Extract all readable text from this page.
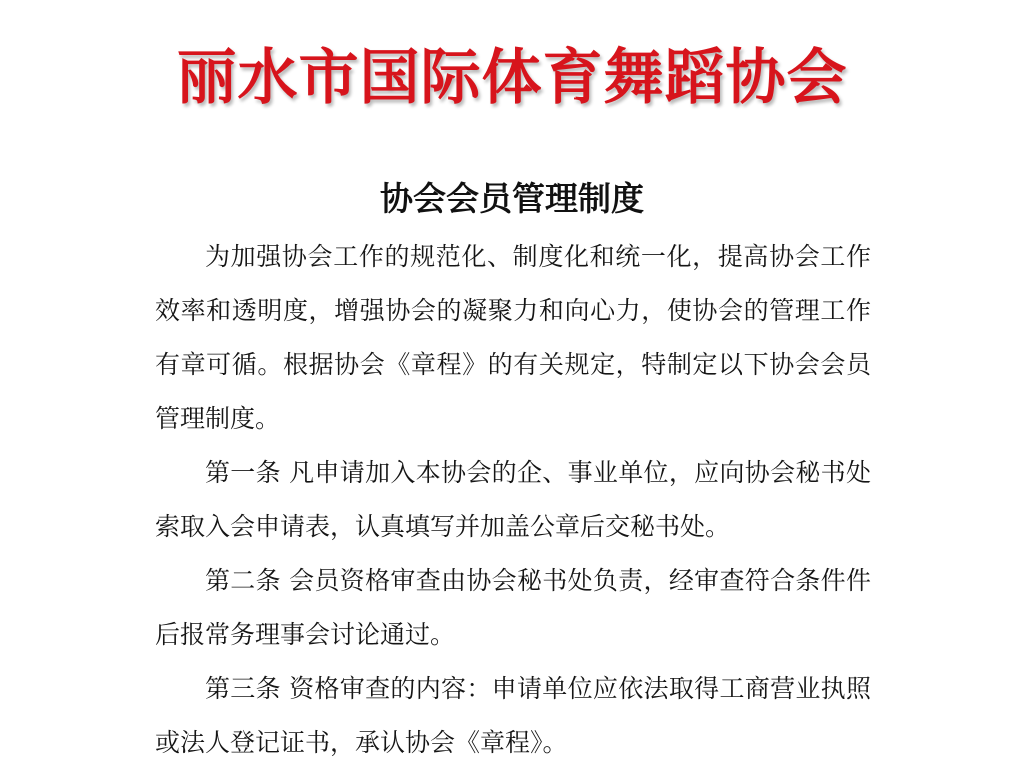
丽水市国际体育舞蹈协会
协会会员管理制度

为加强协会工作的规范化、制度化和统一化，提高协会工作效率和透明度，增强协会的凝聚力和向心力，使协会的管理工作有章可循。根据协会《章程》的有关规定，特制定以下协会会员管理制度。

第一条 凡申请加入本协会的企、事业单位，应向协会秘书处索取入会申请表，认真填写并加盖公章后交秘书处。

第二条 会员资格审查由协会秘书处负责，经审查符合条件件后报常务理事会讨论通过。

第三条 资格审查的内容：申请单位应依法取得工商营业执照或法人登记证书，承认协会《章程》。
